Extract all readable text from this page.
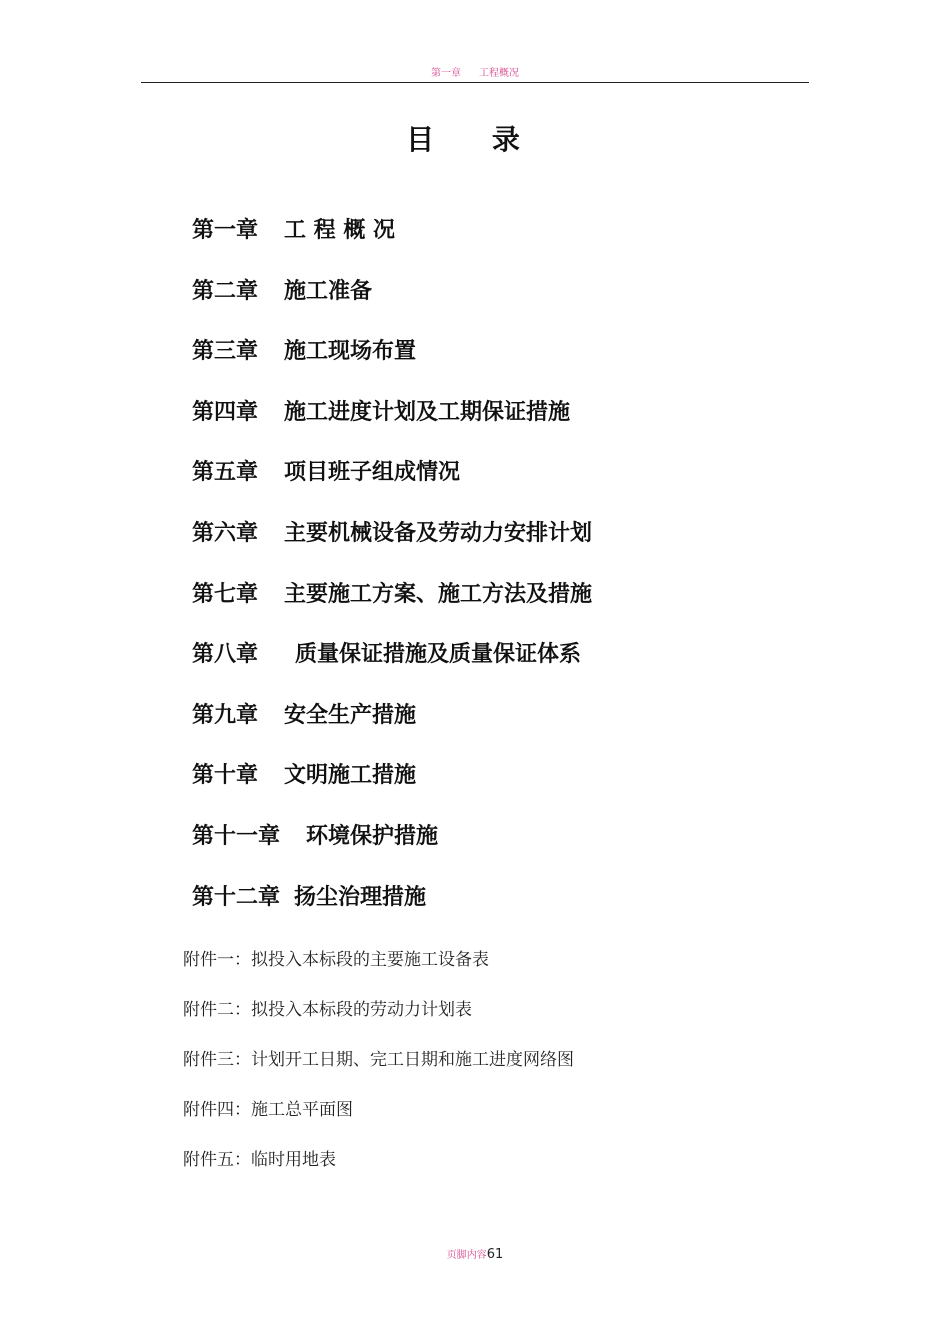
第一章 工程概况
目 录
第一章 工 程 概 况
第二章 施工准备
第三章 施工现场布置
第四章 施工进度计划及工期保证措施
第五章 项目班子组成情况
第六章 主要机械设备及劳动力安排计划
第七章 主要施工方案、施工方法及措施
第八章 质量保证措施及质量保证体系
第九章 安全生产措施
第十章 文明施工措施
第十一章 环境保护措施
第十二章 扬尘治理措施
附件一：拟投入本标段的主要施工设备表
附件二：拟投入本标段的劳动力计划表
附件三：计划开工日期、完工日期和施工进度网络图
附件四：施工总平面图
附件五：临时用地表
页脚内容61
